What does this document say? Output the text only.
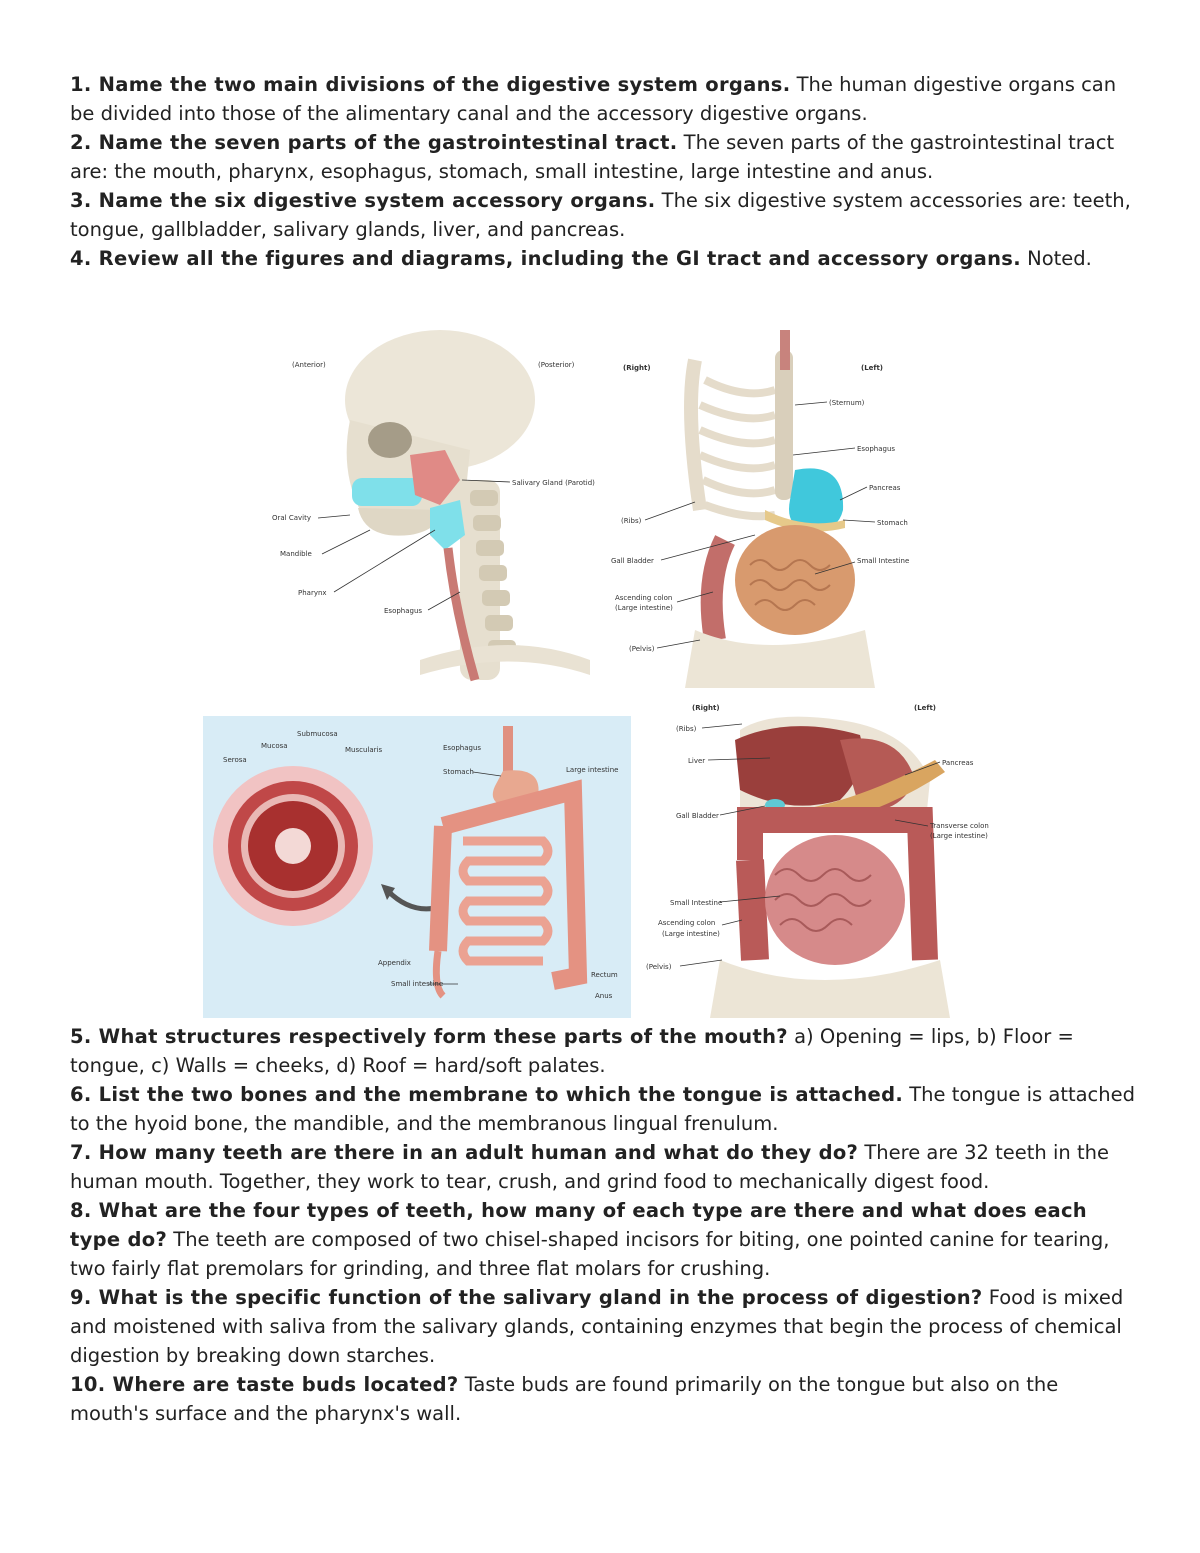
1. Name the two main divisions of the digestive system organs. The human digestive organs can be divided into those of the alimentary canal and the accessory digestive organs.

2. Name the seven parts of the gastrointestinal tract. The seven parts of the gastrointestinal tract are: the mouth, pharynx, esophagus, stomach, small intestine, large intestine and anus.

3. Name the six digestive system accessory organs. The six digestive system accessories are: teeth, tongue, gallbladder, salivary glands, liver, and pancreas.

4. Review all the figures and diagrams, including the GI tract and accessory organs. Noted.

(Anterior)	(Posterior)
Salivary Gland (Parotid)
Oral Cavity
Mandible
Pharynx
Esophagus
(Right)	(Left)
(Sternum)
Esophagus
Pancreas
(Ribs)	Stomach
Gall Bladder	Small Intestine
Ascending colon
(Large intestine)
(Pelvis)
Submucosa
Mucosa	Muscularis
Serosa
Esophagus
Stomach	Large intestine
Appendix
Small intestine
Rectum
Anus
(Right)	(Left)
(Ribs)
Liver	Pancreas
Gall Bladder
Transverse colon
(Large intestine)
Small Intestine
Ascending colon
(Large intestine)
(Pelvis)

5. What structures respectively form these parts of the mouth? a) Opening = lips, b) Floor = tongue, c) Walls = cheeks, d) Roof = hard/soft palates.

6. List the two bones and the membrane to which the tongue is attached. The tongue is attached to the hyoid bone, the mandible, and the membranous lingual frenulum.

7. How many teeth are there in an adult human and what do they do? There are 32 teeth in the human mouth. Together, they work to tear, crush, and grind food to mechanically digest food.

8. What are the four types of teeth, how many of each type are there and what does each type do? The teeth are composed of two chisel-shaped incisors for biting, one pointed canine for tearing, two fairly flat premolars for grinding, and three flat molars for crushing.

9. What is the specific function of the salivary gland in the process of digestion? Food is mixed and moistened with saliva from the salivary glands, containing enzymes that begin the process of chemical digestion by breaking down starches.

10. Where are taste buds located? Taste buds are found primarily on the tongue but also on the mouth's surface and the pharynx's wall.
